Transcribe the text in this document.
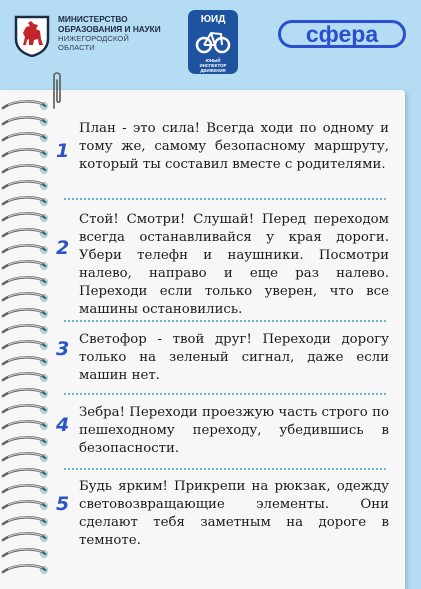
МИНИСТЕРСТВО
ОБРАЗОВАНИЯ И НАУКИ
НИЖЕГОРОДСКОЙ
ОБЛАСТИ
ЮИД
ЮНЫЙ
ИНСПЕКТОР
ДВИЖЕНИЯ
сфера
1
План - это сила! Всегда ходи по одному и тому же, самому безопасному маршруту, который ты составил вместе с родителями.
2
Стой! Смотри! Слушай! Перед переходом всегда останавливайся у края дороги. Убери телефн и наушники. Посмотри налево, направо и еще раз налево. Переходи если только уверен, что все машины остановились.
3 Светофор - твой друг! Переходи дорогу только на зеленый сигнал, даже если машин нет.
4
Зебра! Переходи проезжую часть строго по пешеходному переходу, убедившись в безопасности.
5
Будь ярким! Прикрепи на рюкзак, одежду световозвращающие элементы. Они сделают тебя заметным на дороге в темноте.
